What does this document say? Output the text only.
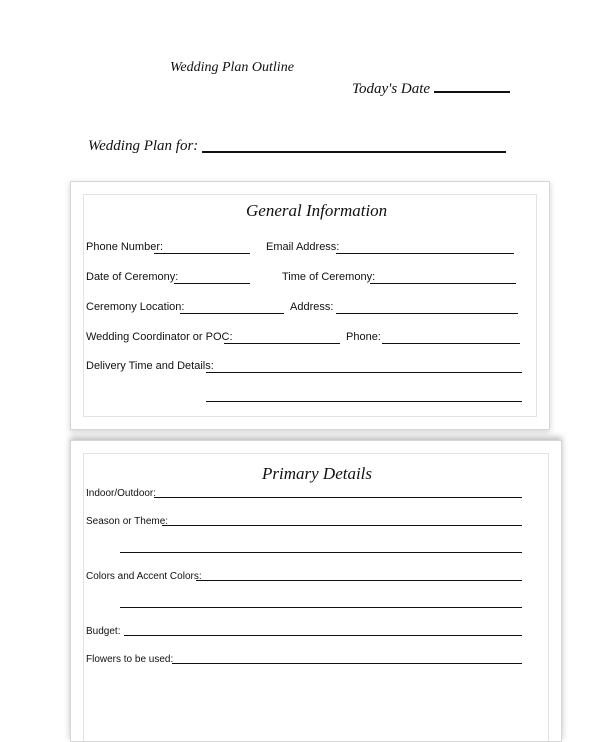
Wedding Plan Outline
Today's Date
Wedding Plan for:
General Information
Phone Number:	Email Address:
Date of Ceremony:	Time of Ceremony:
Ceremony Location:	Address:
Wedding Coordinator or POC:	Phone:
Delivery Time and Details:
Primary Details
Indoor/Outdoor:
Season or Theme:
Colors and Accent Colors:
Budget:
Flowers to be used:
